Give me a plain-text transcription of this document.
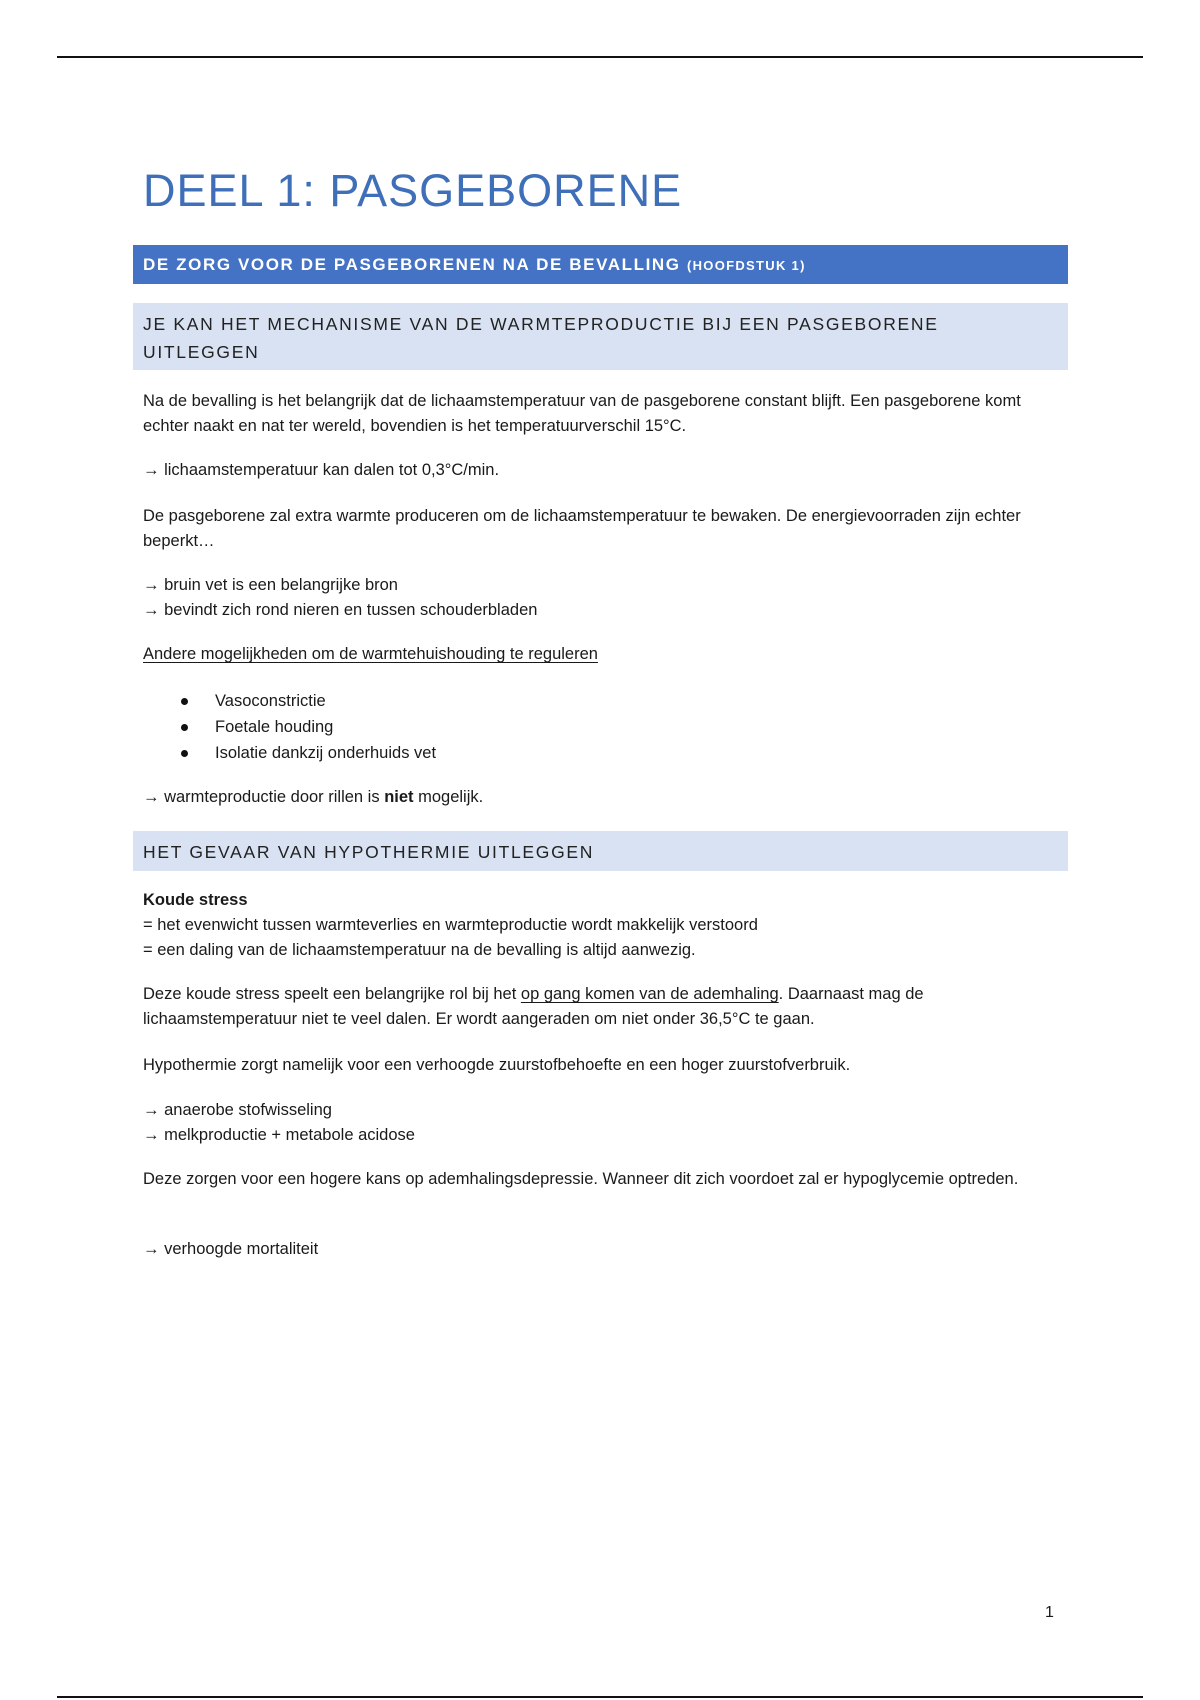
DEEL 1: PASGEBORENE
DE ZORG VOOR DE PASGEBORENEN NA DE BEVALLING (HOOFDSTUK 1)
JE KAN HET MECHANISME VAN DE WARMTEPRODUCTIE BIJ EEN PASGEBORENE UITLEGGEN

Na de bevalling is het belangrijk dat de lichaamstemperatuur van de pasgeborene constant blijft. Een pasgeborene komt echter naakt en nat ter wereld, bovendien is het temperatuurverschil 15°C.

→ lichaamstemperatuur kan dalen tot 0,3°C/min.

De pasgeborene zal extra warmte produceren om de lichaamstemperatuur te bewaken. De energievoorraden zijn echter beperkt…

→ bruin vet is een belangrijke bron

→ bevindt zich rond nieren en tussen schouderbladen

Andere mogelijkheden om de warmtehuishouding te reguleren

Vasoconstrictie
Foetale houding
Isolatie dankzij onderhuids vet

→ warmteproductie door rillen is niet mogelijk.

HET GEVAAR VAN HYPOTHERMIE UITLEGGEN

Koude stress

= het evenwicht tussen warmteverlies en warmteproductie wordt makkelijk verstoord

= een daling van de lichaamstemperatuur na de bevalling is altijd aanwezig.

Deze koude stress speelt een belangrijke rol bij het op gang komen van de ademhaling. Daarnaast mag de lichaamstemperatuur niet te veel dalen. Er wordt aangeraden om niet onder 36,5°C te gaan.

Hypothermie zorgt namelijk voor een verhoogde zuurstofbehoefte en een hoger zuurstofverbruik.

→ anaerobe stofwisseling

→ melkproductie + metabole acidose

Deze zorgen voor een hogere kans op ademhalingsdepressie. Wanneer dit zich voordoet zal er hypoglycemie optreden.

→ verhoogde mortaliteit

1
